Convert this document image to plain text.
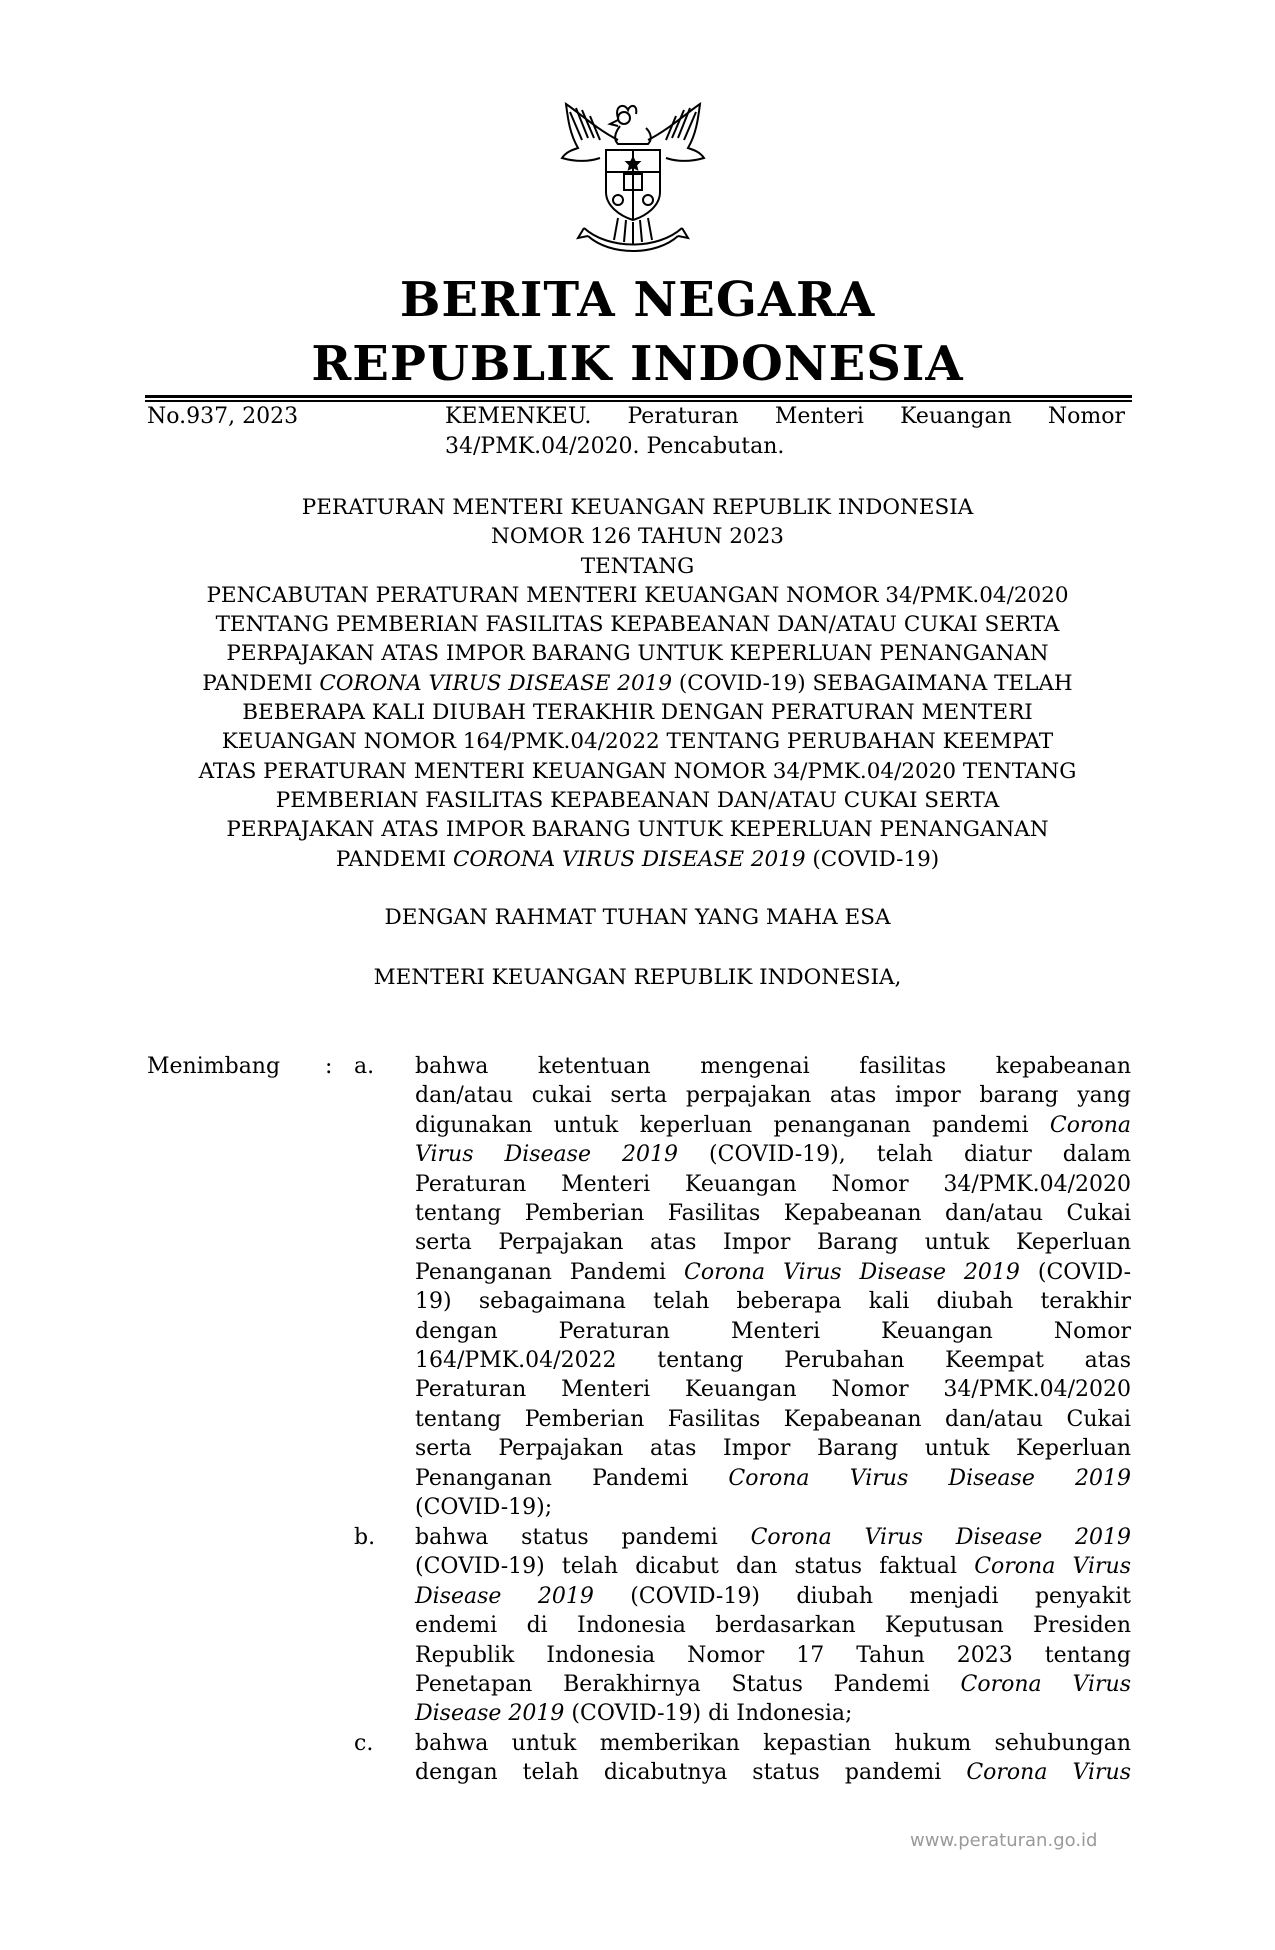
BERITA NEGARA
REPUBLIK INDONESIA
No.937, 2023	KEMENKEU. Peraturan Menteri Keuangan Nomor
34/PMK.04/2020. Pencabutan.
PERATURAN MENTERI KEUANGAN REPUBLIK INDONESIA
NOMOR 126 TAHUN 2023
TENTANG
PENCABUTAN PERATURAN MENTERI KEUANGAN NOMOR 34/PMK.04/2020
TENTANG PEMBERIAN FASILITAS KEPABEANAN DAN/ATAU CUKAI SERTA
PERPAJAKAN ATAS IMPOR BARANG UNTUK KEPERLUAN PENANGANAN
PANDEMI CORONA VIRUS DISEASE 2019 (COVID-19) SEBAGAIMANA TELAH
BEBERAPA KALI DIUBAH TERAKHIR DENGAN PERATURAN MENTERI
KEUANGAN NOMOR 164/PMK.04/2022 TENTANG PERUBAHAN KEEMPAT
ATAS PERATURAN MENTERI KEUANGAN NOMOR 34/PMK.04/2020 TENTANG
PEMBERIAN FASILITAS KEPABEANAN DAN/ATAU CUKAI SERTA
PERPAJAKAN ATAS IMPOR BARANG UNTUK KEPERLUAN PENANGANAN
PANDEMI CORONA VIRUS DISEASE 2019 (COVID-19)
DENGAN RAHMAT TUHAN YANG MAHA ESA
MENTERI KEUANGAN REPUBLIK INDONESIA,
Menimbang : a. bahwa ketentuan mengenai fasilitas kepabeanan
dan/atau cukai serta perpajakan atas impor barang yang
digunakan untuk keperluan penanganan pandemi Corona
Virus Disease 2019 (COVID-19), telah diatur dalam
Peraturan Menteri Keuangan Nomor 34/PMK.04/2020
tentang Pemberian Fasilitas Kepabeanan dan/atau Cukai
serta Perpajakan atas Impor Barang untuk Keperluan
Penanganan Pandemi Corona Virus Disease 2019 (COVID-
19) sebagaimana telah beberapa kali diubah terakhir
dengan Peraturan Menteri Keuangan Nomor
164/PMK.04/2022 tentang Perubahan Keempat atas
Peraturan Menteri Keuangan Nomor 34/PMK.04/2020
tentang Pemberian Fasilitas Kepabeanan dan/atau Cukai
serta Perpajakan atas Impor Barang untuk Keperluan
Penanganan Pandemi Corona Virus Disease 2019
(COVID-19);
b. bahwa status pandemi Corona Virus Disease 2019
(COVID-19) telah dicabut dan status faktual Corona Virus
Disease 2019 (COVID-19) diubah menjadi penyakit
endemi di Indonesia berdasarkan Keputusan Presiden
Republik Indonesia Nomor 17 Tahun 2023 tentang
Penetapan Berakhirnya Status Pandemi Corona Virus
Disease 2019 (COVID-19) di Indonesia;
c. bahwa untuk memberikan kepastian hukum sehubungan
dengan telah dicabutnya status pandemi Corona Virus
www.peraturan.go.id
